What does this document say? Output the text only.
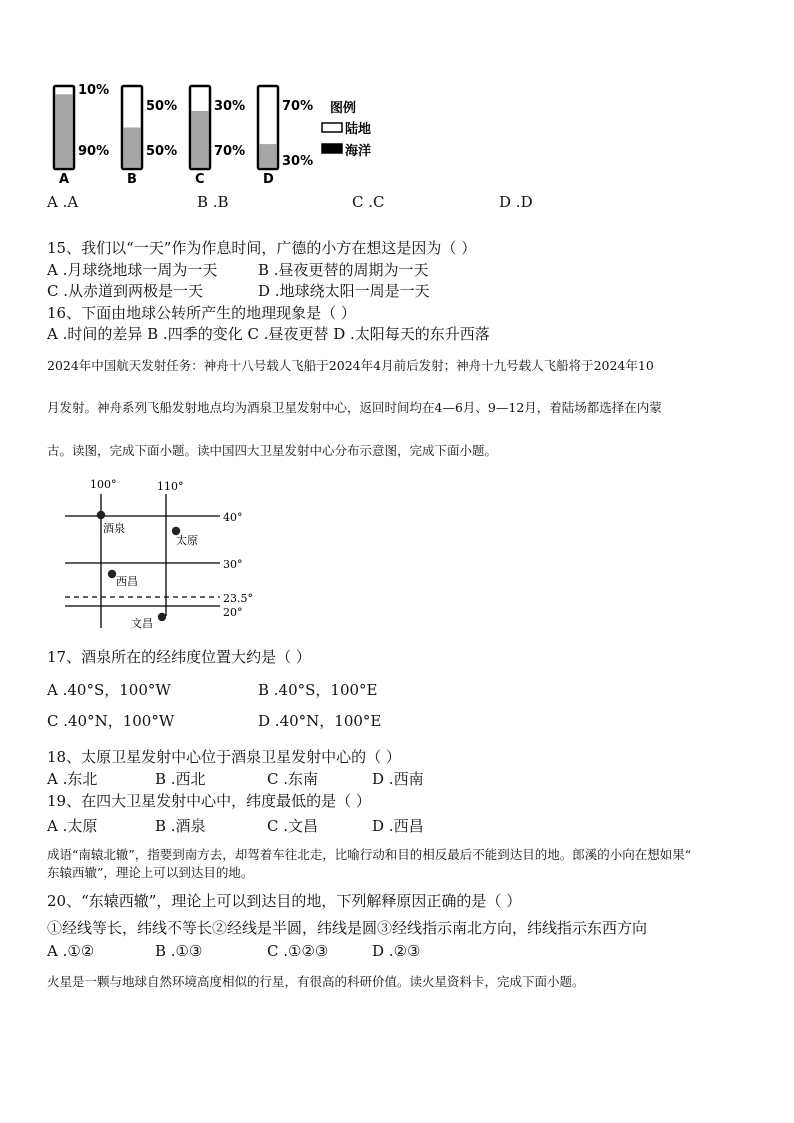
10%
90%
A
50%
50%
B
30%
70%
C
70%
30%
D
图例
陆地
海洋
A .A	B .B	C .C	D .D
15、我们以“一天”作为作息时间，广德的小方在想这是因为（ ）
A .月球绕地球一周为一天	B .昼夜更替的周期为一天
C .从赤道到两极是一天	D .地球绕太阳一周是一天
16、下面由地球公转所产生的地理现象是（ ）
A .时间的差异 B .四季的变化 C .昼夜更替 D .太阳每天的东升西落
2024年中国航天发射任务：神舟十八号载人飞船于2024年4月前后发射；神舟十九号载人飞船将于2024年10
月发射。神舟系列飞船发射地点均为酒泉卫星发射中心，返回时间均在4—6月、9—12月，着陆场都选择在内蒙
古。读图，完成下面小题。读中国四大卫星发射中心分布示意图，完成下面小题。
100°	110°
40°
30°
23.5°
20°
酒泉
太原
西昌
文昌
17、酒泉所在的经纬度位置大约是（ ）
A .40°S，100°W	B .40°S，100°E
C .40°N，100°W	D .40°N，100°E
18、太原卫星发射中心位于酒泉卫星发射中心的（ ）
A .东北	B .西北	C .东南	D .西南
19、在四大卫星发射中心中，纬度最低的是（ ）
A .太原	B .酒泉	C .文昌	D .西昌
成语“南辕北辙”，指要到南方去，却驾着车往北走，比喻行动和目的相反最后不能到达目的地。郎溪的小向在想如果“
东辕西辙”，理论上可以到达目的地。
20、“东辕西辙”，理论上可以到达目的地，下列解释原因正确的是（ ）
①经线等长，纬线不等长②经线是半圆，纬线是圆③经线指示南北方向，纬线指示东西方向
A .①②	B .①③	C .①②③	D .②③
火星是一颗与地球自然环境高度相似的行星，有很高的科研价值。读火星资料卡，完成下面小题。
